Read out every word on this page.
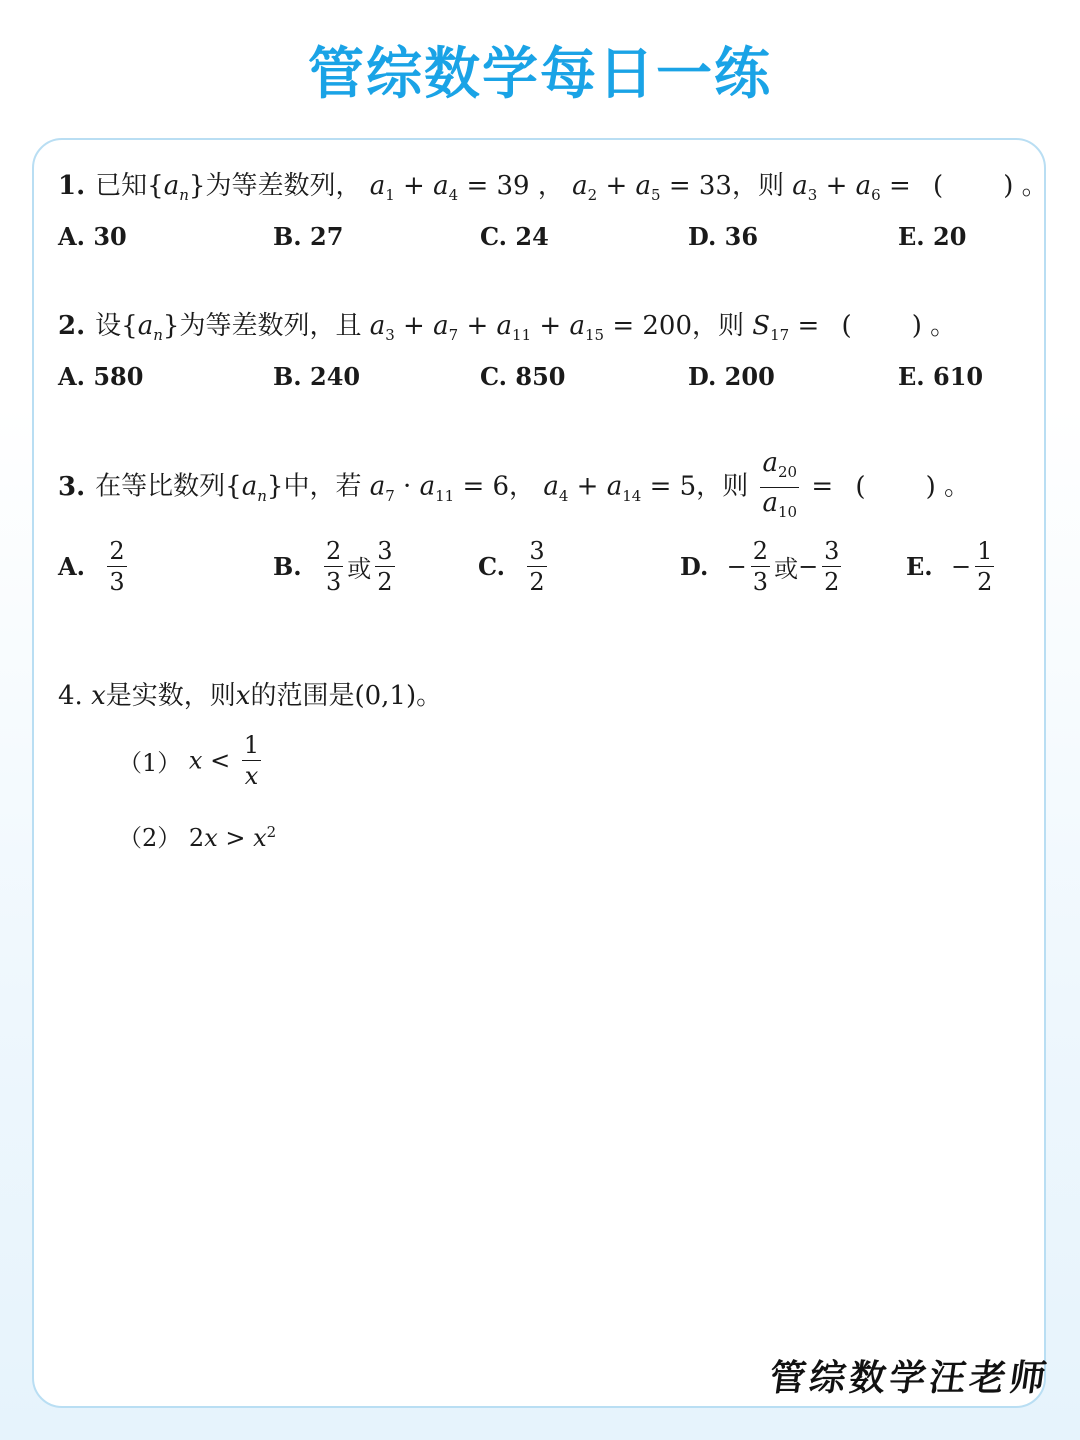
管综数学每日一练
1. 已知$\{a_n\}$为等差数列， $a_1 + a_4 = 39$ ， $a_2 + a_5 = 33$，则 $a_3 + a_6$ = ( ) 。
A. 30	B. 27	C. 24	D. 36	E. 20
2. 设$\{a_n\}$为等差数列，且 $a_3 + a_7 + a_{11} + a_{15} = 200$，则 $S_{17}$ = ( ) 。
A. 580	B. 240	C. 850	D. 200	E. 610
3. 在等比数列$\{a_n\}$中，若 $a_7 \cdot a_{11} = 6$， $a_4 + a_{14} = 5$，则 $\frac{a_{20}}{a_{10}}$ = ( ) 。
A. $\frac{2}{3}$	B. $\frac{2}{3}$ 或 $\frac{3}{2}$	C. $\frac{3}{2}$	D. − $\frac{2}{3}$ 或− $\frac{3}{2}$	E. − $\frac{1}{2}$
4. x是实数，则x的范围是(0,1)。
（1） $x < \frac{1}{x}$
（2） $2x > x^2$
管综数学汪老师
